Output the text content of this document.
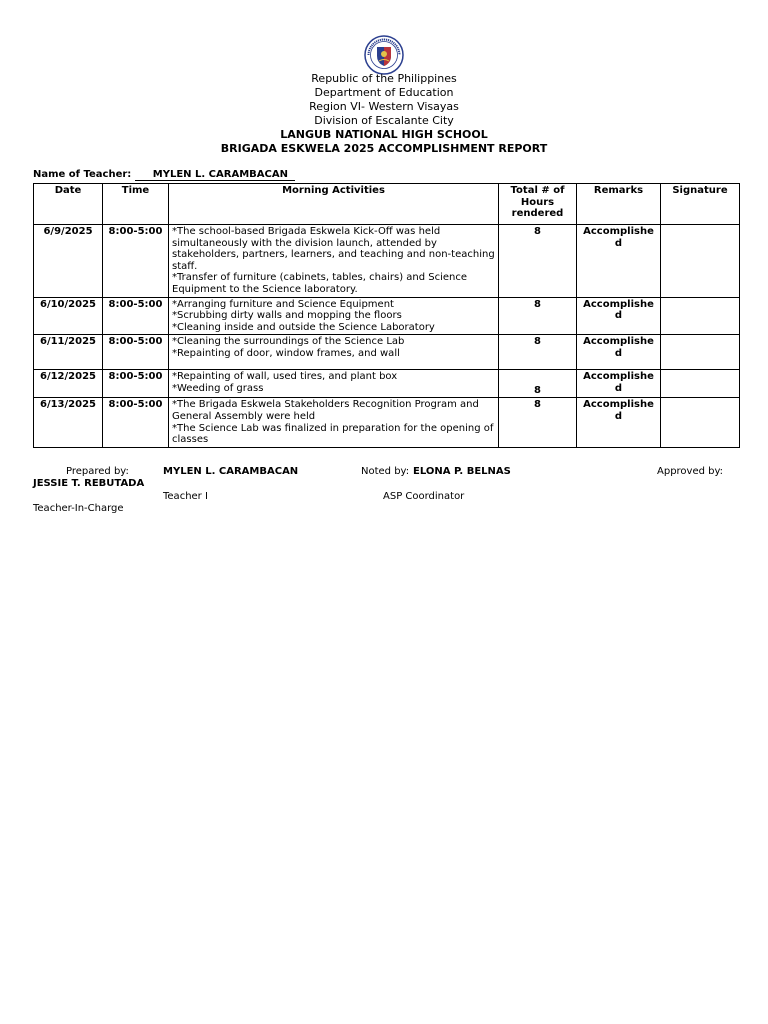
Republic of the Philippines
Department of Education
Region VI- Western Visayas
Division of Escalante City
LANGUB NATIONAL HIGH SCHOOL
BRIGADA ESKWELA 2025 ACCOMPLISHMENT REPORT
Name of Teacher: MYLEN L. CARAMBACAN
Date	Time	Morning Activities	Total # of Hours rendered	Remarks	Signature
6/9/2025	8:00-5:00	*The school-based Brigada Eskwela Kick-Off was held simultaneously with the division launch, attended by stakeholders, partners, learners, and teaching and non-teaching staff.
*Transfer of furniture (cabinets, tables, chairs) and Science Equipment to the Science laboratory.	8	Accomplished	
6/10/2025	8:00-5:00	*Arranging furniture and Science Equipment
*Scrubbing dirty walls and mopping the floors
*Cleaning inside and outside the Science Laboratory	8	Accomplished	
6/11/2025	8:00-5:00	*Cleaning the surroundings of the Science Lab
*Repainting of door, window frames, and wall	8	Accomplished	
6/12/2025	8:00-5:00	*Repainting of wall, used tires, and plant box
*Weeding of grass	8	Accomplished	
6/13/2025	8:00-5:00	*The Brigada Eskwela Stakeholders Recognition Program and General Assembly were held
*The Science Lab was finalized in preparation for the opening of classes	8	Accomplished	
Prepared by:	MYLEN L. CARAMBACAN	Noted by: ELONA P. BELNAS	Approved by:
JESSIE T. REBUTADA
Teacher I	ASP Coordinator
Teacher-In-Charge
